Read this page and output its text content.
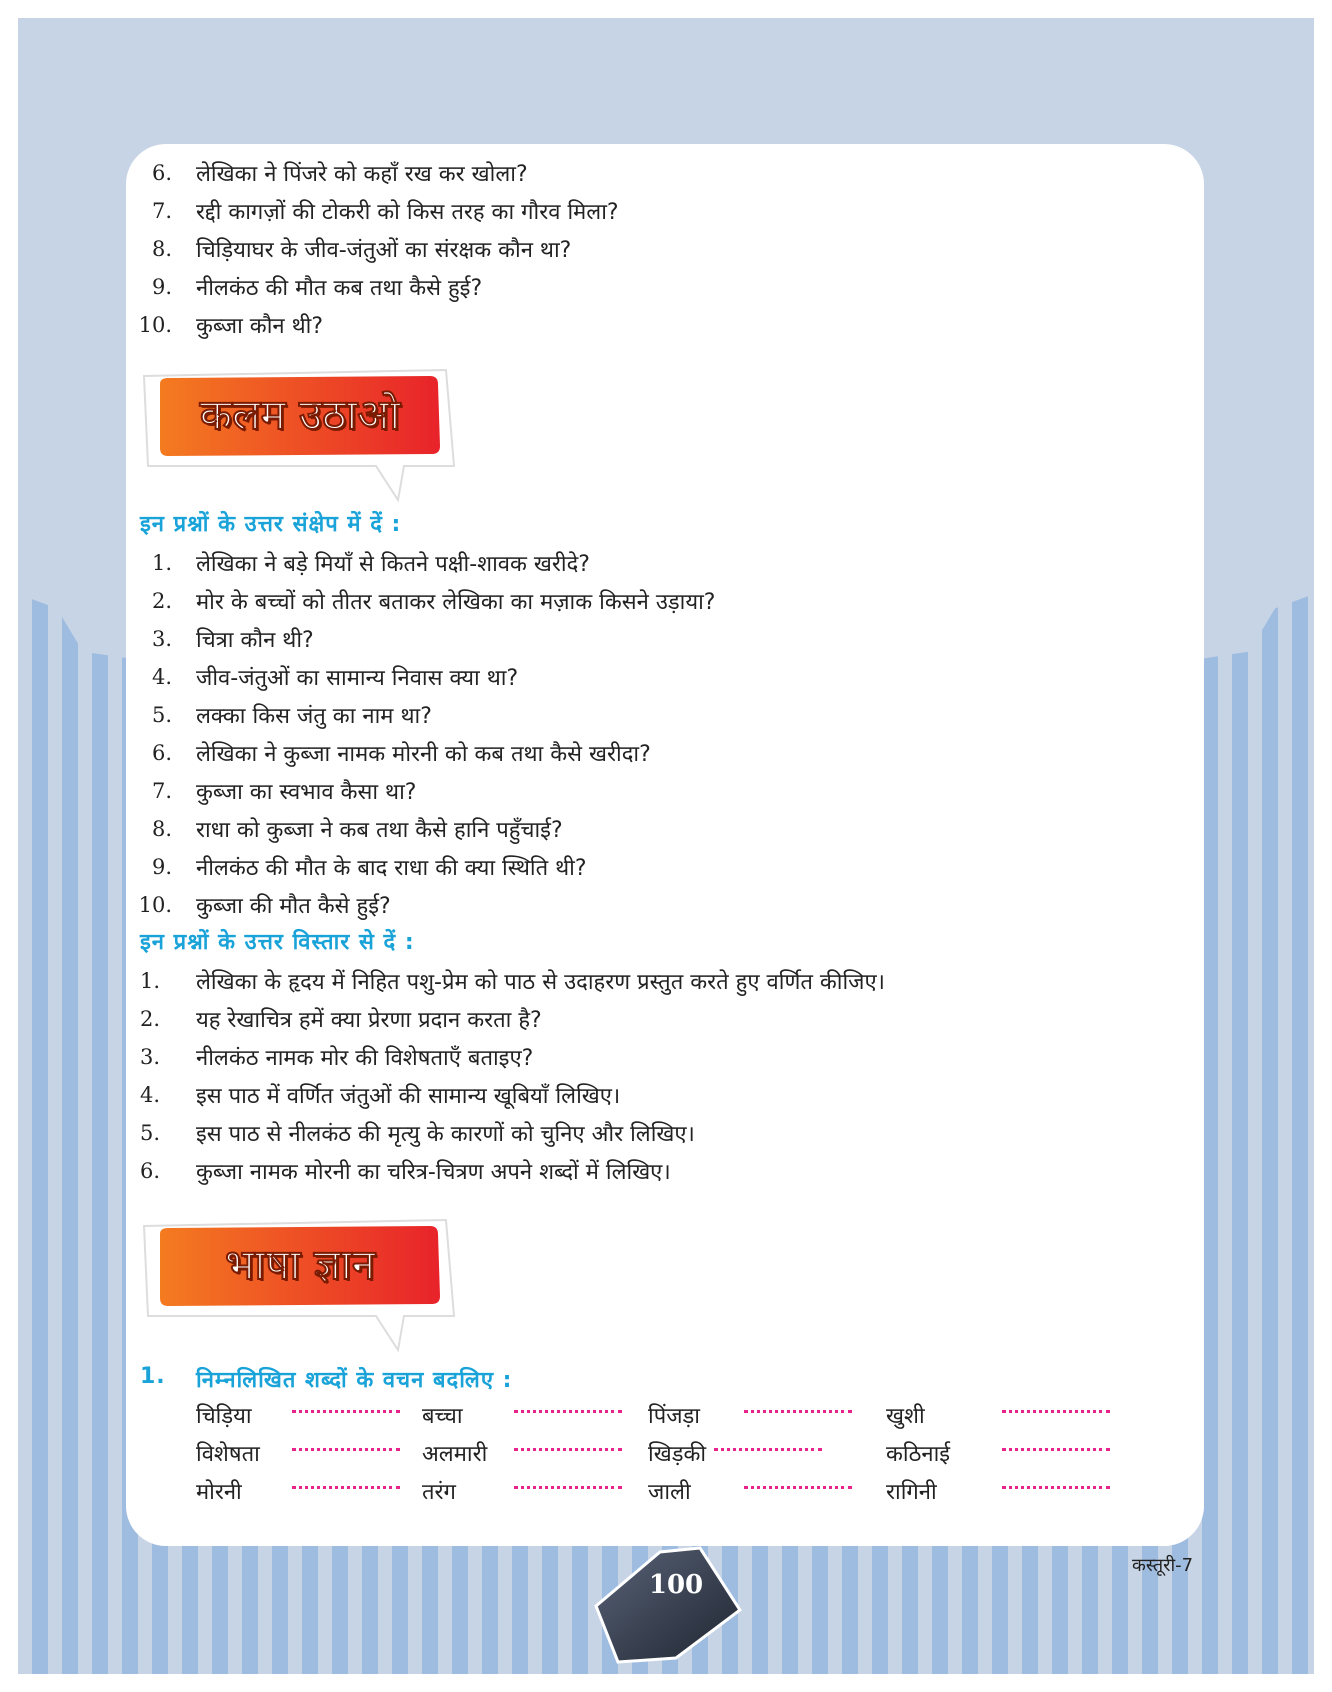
6. लेखिका ने पिंजरे को कहाँ रख कर खोला?
7. रद्दी कागज़ों की टोकरी को किस तरह का गौरव मिला?
8. चिड़ियाघर के जीव-जंतुओं का संरक्षक कौन था?
9. नीलकंठ की मौत कब तथा कैसे हुई?
10. कुब्जा कौन थी?
कलम उठाओ
इन प्रश्नों के उत्तर संक्षेप में दें :
1. लेखिका ने बड़े मियाँ से कितने पक्षी-शावक खरीदे?
2. मोर के बच्चों को तीतर बताकर लेखिका का मज़ाक किसने उड़ाया?
3. चित्रा कौन थी?
4. जीव-जंतुओं का सामान्य निवास क्या था?
5. लक्का किस जंतु का नाम था?
6. लेखिका ने कुब्जा नामक मोरनी को कब तथा कैसे खरीदा?
7. कुब्जा का स्वभाव कैसा था?
8. राधा को कुब्जा ने कब तथा कैसे हानि पहुँचाई?
9. नीलकंठ की मौत के बाद राधा की क्या स्थिति थी?
10. कुब्जा की मौत कैसे हुई?
इन प्रश्नों के उत्तर विस्तार से दें :
1.	लेखिका के हृदय में निहित पशु-प्रेम को पाठ से उदाहरण प्रस्तुत करते हुए वर्णित कीजिए।
2.	यह रेखाचित्र हमें क्या प्रेरणा प्रदान करता है?
3.	नीलकंठ नामक मोर की विशेषताएँ बताइए?
4.	इस पाठ में वर्णित जंतुओं की सामान्य खूबियाँ लिखिए।
5.	इस पाठ से नीलकंठ की मृत्यु के कारणों को चुनिए और लिखिए।
6.	कुब्जा नामक मोरनी का चरित्र-चित्रण अपने शब्दों में लिखिए।
भाषा ज्ञान
1. निम्नलिखित शब्दों के वचन बदलिए :
चिड़िया	बच्चा	पिंजड़ा	खुशी
विशेषता	अलमारी	खिड़की	कठिनाई
मोरनी	तरंग	जाली	रागिनी
100
कस्तूरी-7
